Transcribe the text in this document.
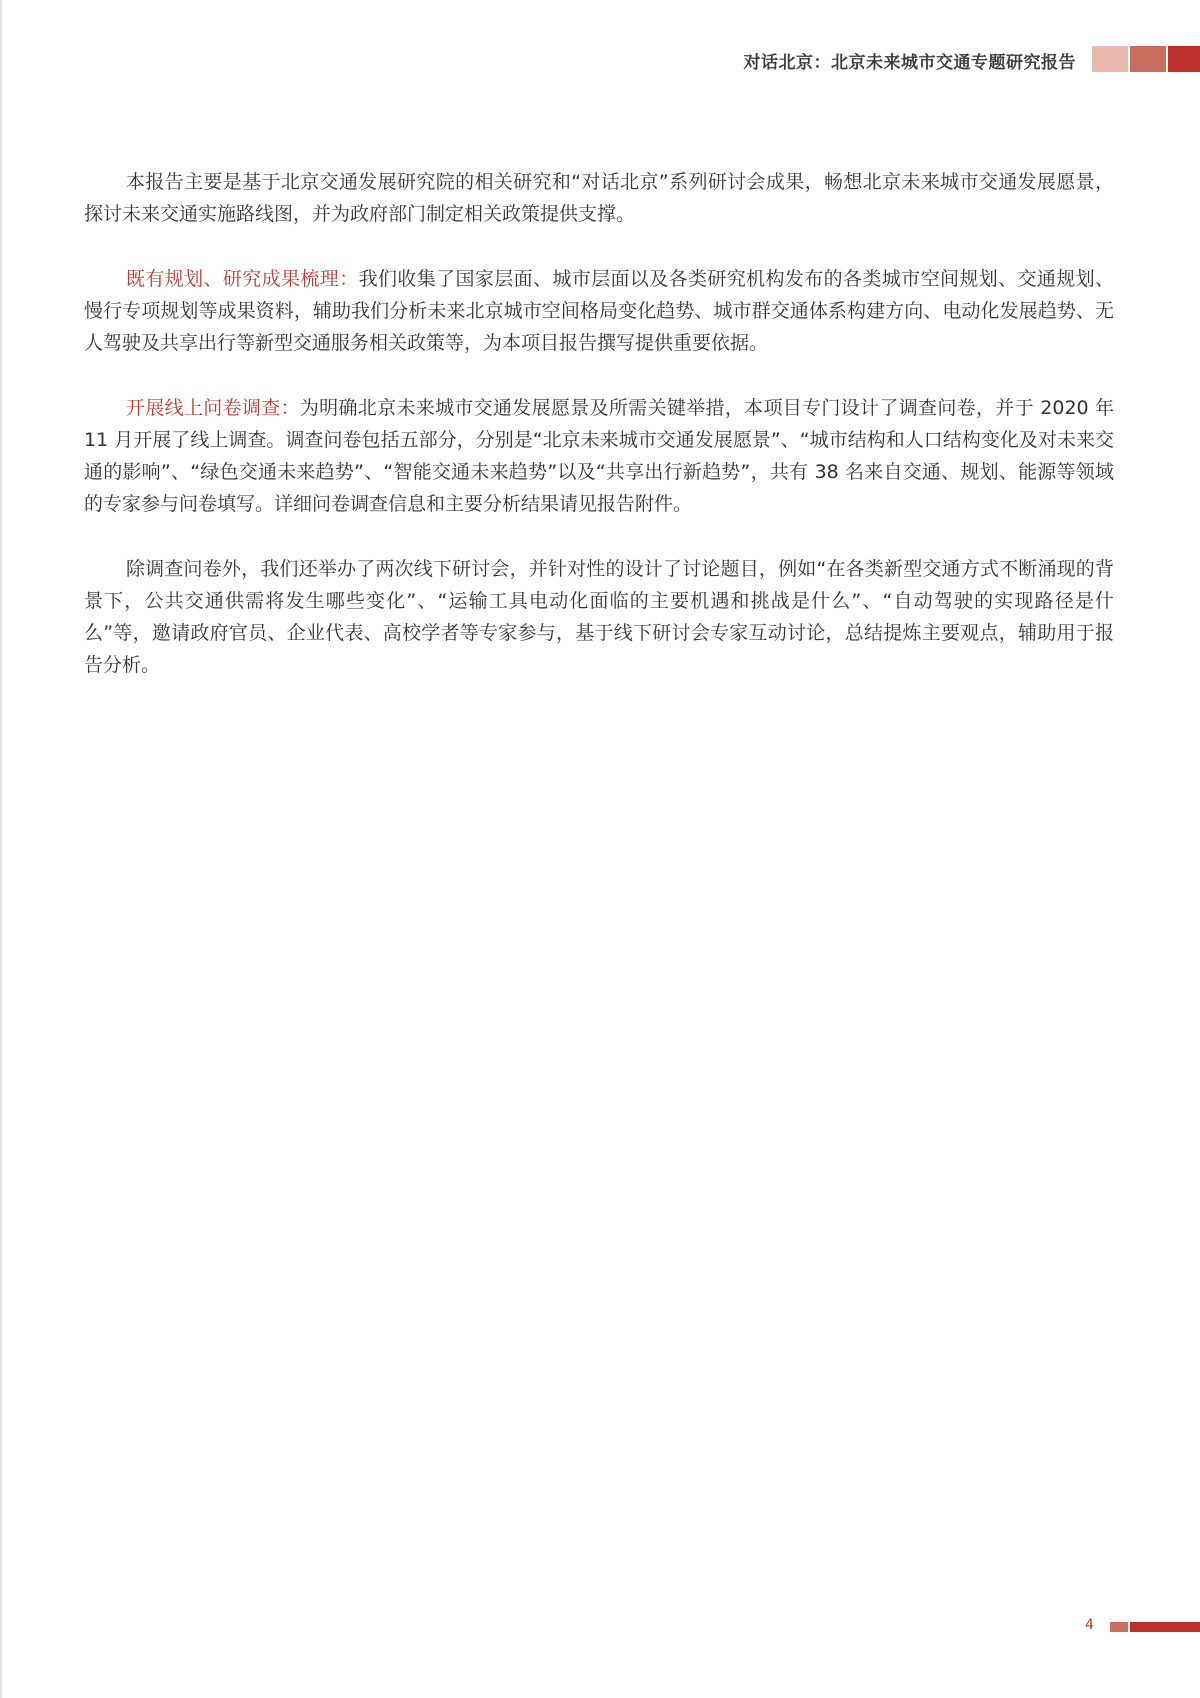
对话北京：北京未来城市交通专题研究报告

本报告主要是基于北京交通发展研究院的相关研究和“对话北京”系列研讨会成果，畅想北京未来城市交通发展愿景，探讨未来交通实施路线图，并为政府部门制定相关政策提供支撑。

既有规划、研究成果梳理：我们收集了国家层面、城市层面以及各类研究机构发布的各类城市空间规划、交通规划、慢行专项规划等成果资料，辅助我们分析未来北京城市空间格局变化趋势、城市群交通体系构建方向、电动化发展趋势、无人驾驶及共享出行等新型交通服务相关政策等，为本项目报告撰写提供重要依据。

开展线上问卷调查：为明确北京未来城市交通发展愿景及所需关键举措，本项目专门设计了调查问卷，并于 2020 年 11 月开展了线上调查。调查问卷包括五部分，分别是“北京未来城市交通发展愿景”、“城市结构和人口结构变化及对未来交通的影响”、“绿色交通未来趋势”、“智能交通未来趋势”以及“共享出行新趋势”，共有 38 名来自交通、规划、能源等领域的专家参与问卷填写。详细问卷调查信息和主要分析结果请见报告附件。

除调查问卷外，我们还举办了两次线下研讨会，并针对性的设计了讨论题目，例如“在各类新型交通方式不断涌现的背景下，公共交通供需将发生哪些变化”、“运输工具电动化面临的主要机遇和挑战是什么”、“自动驾驶的实现路径是什么”等，邀请政府官员、企业代表、高校学者等专家参与，基于线下研讨会专家互动讨论，总结提炼主要观点，辅助用于报告分析。

4
